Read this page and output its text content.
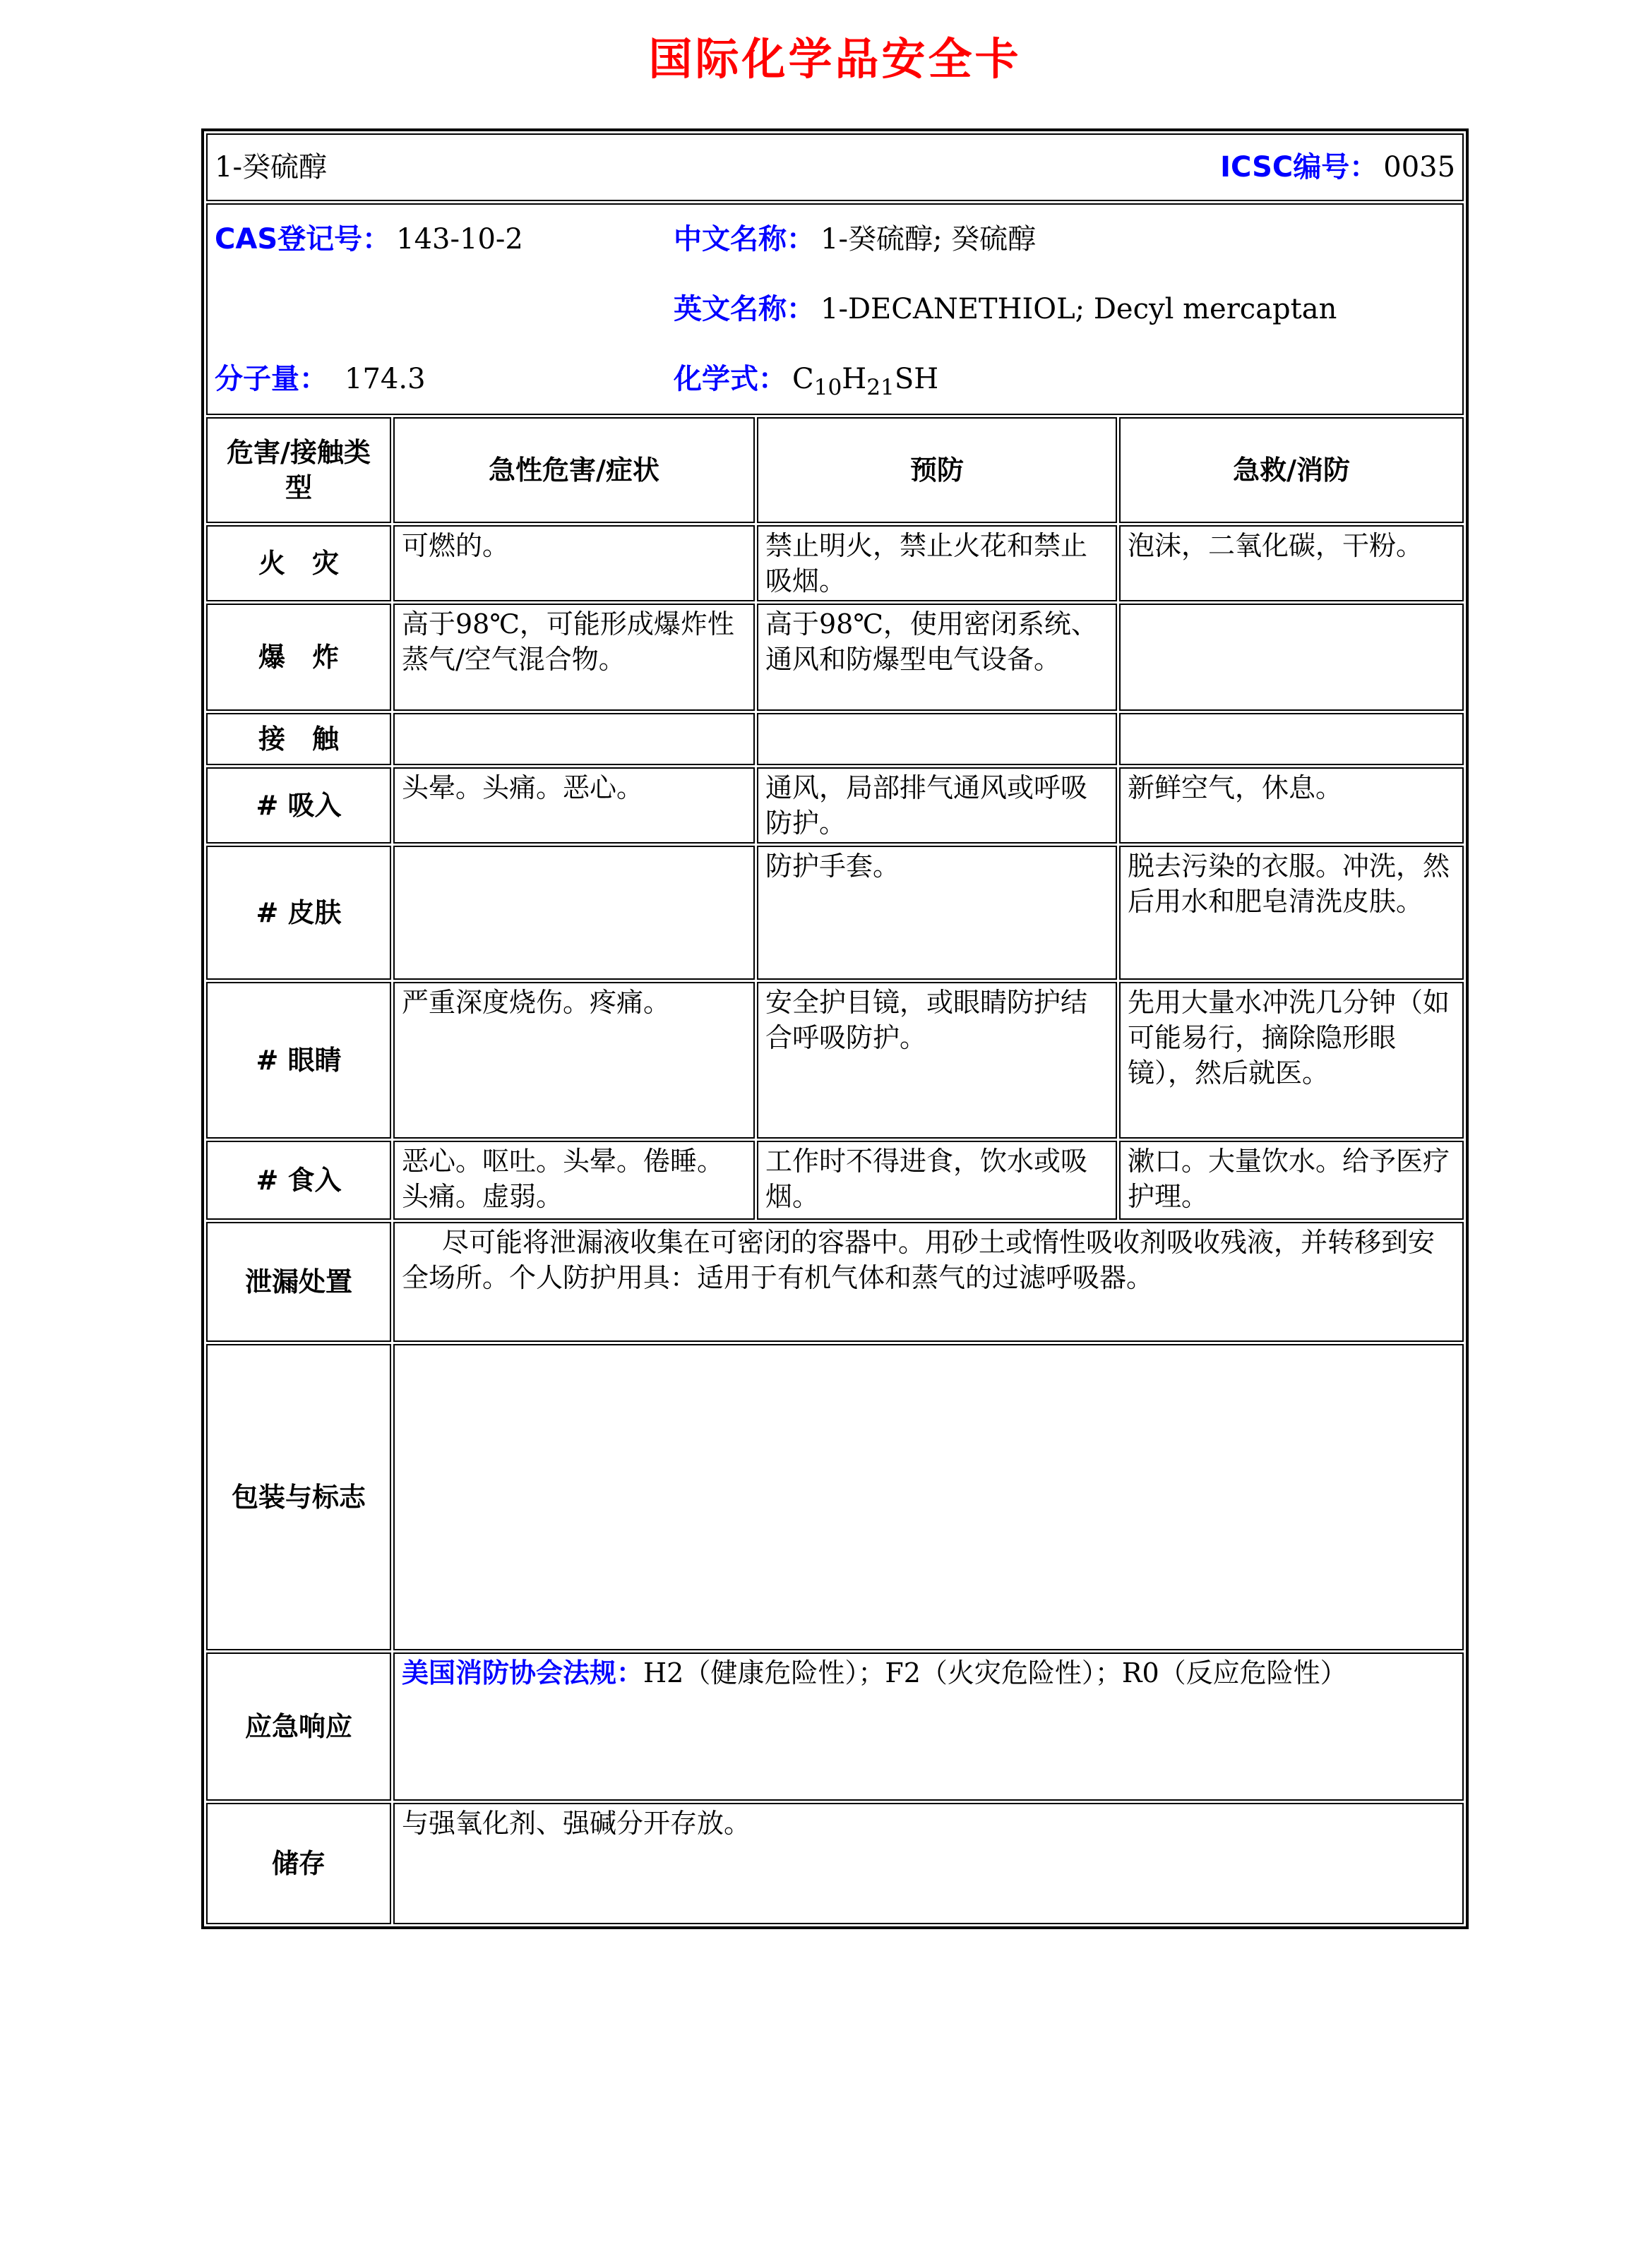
国际化学品安全卡
1-癸硫醇 ICSC编号： 0035			

CAS登记号： 143-10-2 中文名称： 1-癸硫醇; 癸硫醇
英文名称： 1-DECANETHIOL; Decyl mercaptan
分子量： 174.3 化学式： $C_{10}H_{21}SH$			

危害/接触类型	急性危害/症状	预防	急救/消防
火　灾	可燃的。	禁止明火，禁止火花和禁止吸烟。	泡沫，二氧化碳，干粉。
爆　炸	高于98℃，可能形成爆炸性蒸气/空气混合物。	高于98℃，使用密闭系统、通风和防爆型电气设备。	
接　触			
# 吸入	头晕。头痛。恶心。	通风，局部排气通风或呼吸防护。	新鲜空气，休息。
# 皮肤		防护手套。	脱去污染的衣服。冲洗，然后用水和肥皂清洗皮肤。
# 眼睛	严重深度烧伤。疼痛。	安全护目镜，或眼睛防护结合呼吸防护。	先用大量水冲洗几分钟（如可能易行，摘除隐形眼镜），然后就医。
# 食入	恶心。呕吐。头晕。倦睡。头痛。虚弱。	工作时不得进食，饮水或吸烟。	漱口。大量饮水。给予医疗护理。
泄漏处置	尽可能将泄漏液收集在可密闭的容器中。用砂土或惰性吸收剂吸收残液，并转移到安全场所。个人防护用具：适用于有机气体和蒸气的过滤呼吸器。		
包装与标志			
应急响应	美国消防协会法规：H2（健康危险性）；F2（火灾危险性）；R0（反应危险性）		
储存	与强氧化剂、强碱分开存放。		
